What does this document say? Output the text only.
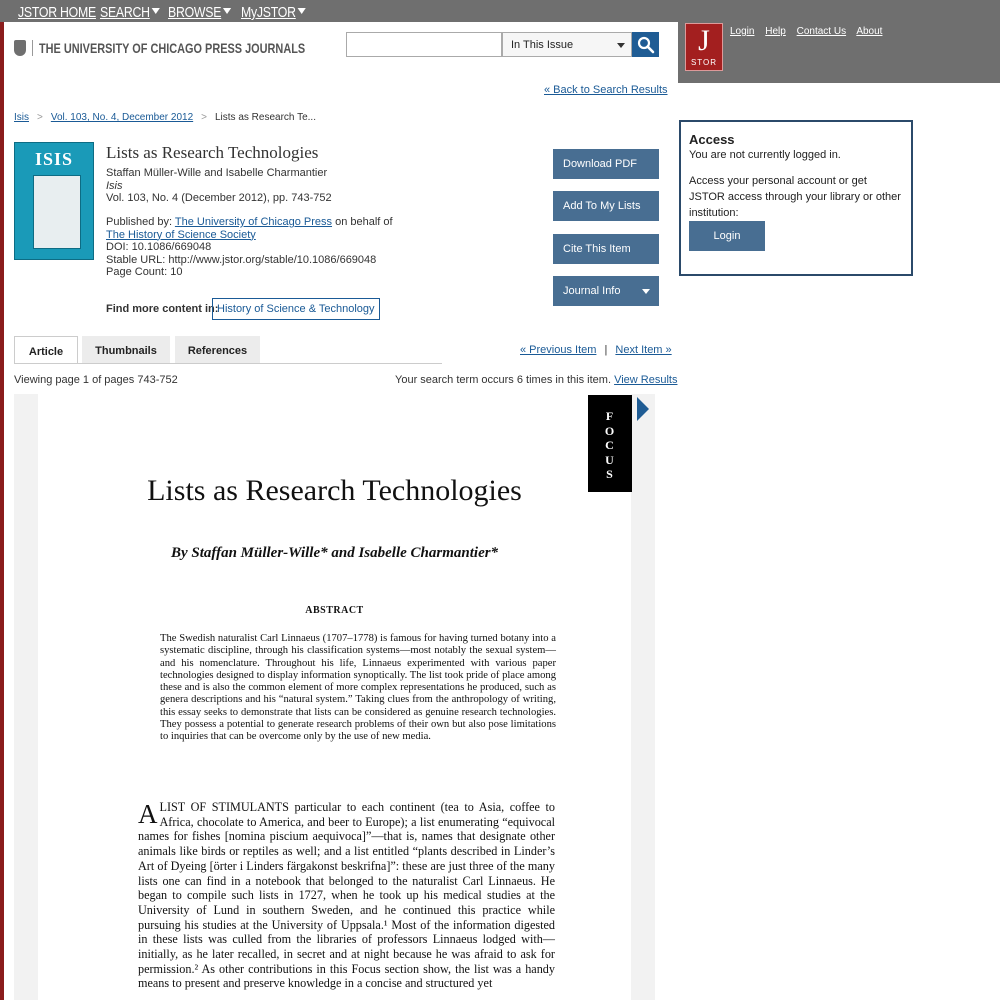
JSTOR HOME SEARCH	BROWSE	MyJSTOR
THE UNIVERSITY OF CHICAGO PRESS JOURNALS	In This Issue	J
STOR
Login Help Contact Us About
« Back to Search Results
Isis > Vol. 103, No. 4, December 2012 > Lists as Research Te...
ISIS	Lists as Research Technologies
Staffan Müller-Wille and Isabelle Charmantier
Isis
Vol. 103, No. 4 (December 2012), pp. 743-752
Published by: The University of Chicago Press on behalf of The History of Science Society
DOI: 10.1086/669048
Stable URL: http://www.jstor.org/stable/10.1086/669048
Page Count: 10
Find more content in:
History of Science & Technology
Download PDF
Add To My Lists
Cite This Item
Journal Info
Access
You are not currently logged in.
Access your personal account or get JSTOR access through your library or other institution:
Login
Article	Thumbnails	References	« Previous Item | Next Item »
Viewing page 1 of pages 743-752	Your search term occurs 6 times in this item. View Results
Lists as Research Technologies
By Staffan Müller-Wille* and Isabelle Charmantier*
ABSTRACT
The Swedish naturalist Carl Linnaeus (1707–1778) is famous for having turned botany into a systematic discipline, through his classification systems—most notably the sexual system—and his nomenclature. Throughout his life, Linnaeus experimented with various paper technologies designed to display information synoptically. The list took pride of place among these and is also the common element of more complex representations he produced, such as genera descriptions and his “natural system.” Taking clues from the anthropology of writing, this essay seeks to demonstrate that lists can be considered as genuine research technologies. They possess a potential to generate research problems of their own but also pose limitations to inquiries that can be overcome only by the use of new media.
A LIST OF STIMULANTS particular to each continent (tea to Asia, coffee to Africa, chocolate to America, and beer to Europe); a list enumerating “equivocal names for fishes [nomina piscium aequivoca]”—that is, names that designate other animals like birds or reptiles as well; and a list entitled “plants described in Linder’s Art of Dyeing [örter i Linders färgakonst beskrifna]”: these are just three of the many lists one can find in a notebook that belonged to the naturalist Carl Linnaeus. He began to compile such lists in 1727, when he took up his medical studies at the University of Lund in southern Sweden, and he continued this practice while pursuing his studies at the University of Uppsala.¹ Most of the information digested in these lists was culled from the libraries of professors Linnaeus lodged with—initially, as he later recalled, in secret and at night because he was afraid to ask for permission.² As other contributions in this Focus section show, the list was a handy means to present and preserve knowledge in a concise and structured yet
F
O
C
U
S
